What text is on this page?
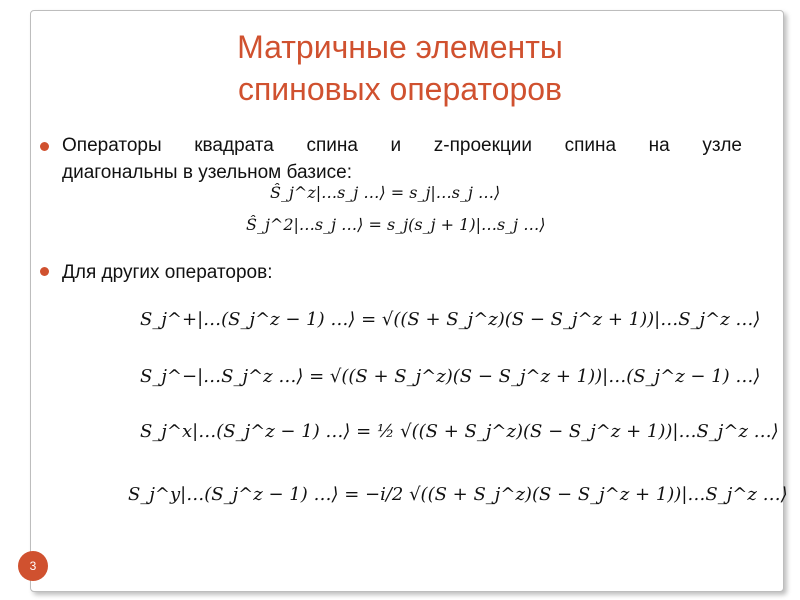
Матричные элементы
спиновых операторов
Операторы квадрата спина и z-проекции спина на узле
диагональны в узельном базисе:
Ŝ_j^z|…s_j …⟩ = s_j|…s_j …⟩
Ŝ_j^2|…s_j …⟩ = s_j(s_j + 1)|…s_j …⟩
Для других операторов:
S_j^+|…(S_j^z − 1) …⟩ = √((S + S_j^z)(S − S_j^z + 1))|…S_j^z …⟩
S_j^−|…S_j^z …⟩ = √((S + S_j^z)(S − S_j^z + 1))|…(S_j^z − 1) …⟩
S_j^x|…(S_j^z − 1) …⟩ = ½ √((S + S_j^z)(S − S_j^z + 1))|…S_j^z …⟩
S_j^y|…(S_j^z − 1) …⟩ = −i/2 √((S + S_j^z)(S − S_j^z + 1))|…S_j^z …⟩
3
